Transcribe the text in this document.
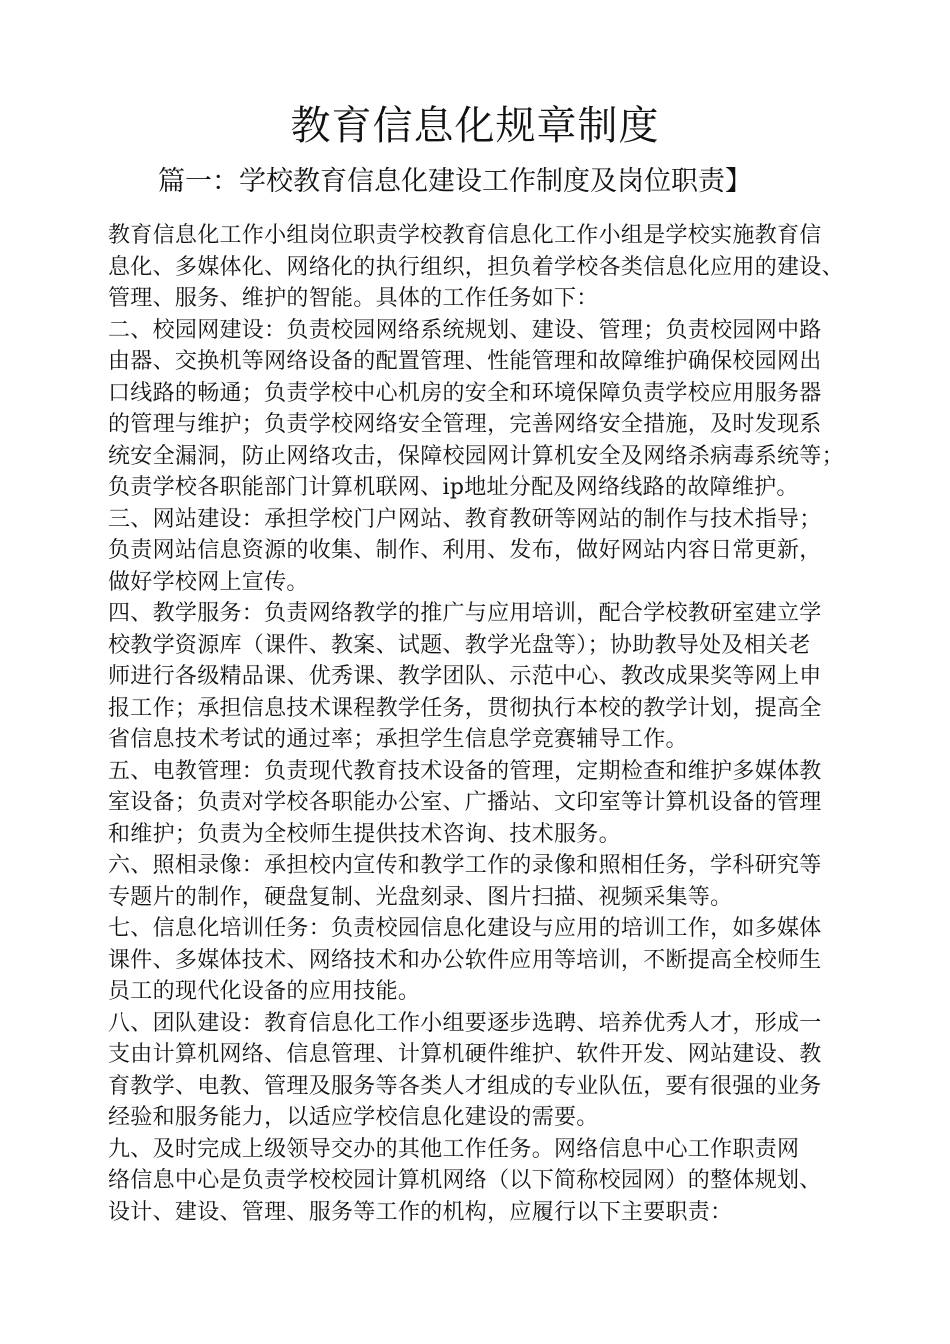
教育信息化规章制度
篇一：学校教育信息化建设工作制度及岗位职责】
教育信息化工作小组岗位职责学校教育信息化工作小组是学校实施教育信
息化、多媒体化、网络化的执行组织，担负着学校各类信息化应用的建设、
管理、服务、维护的智能。具体的工作任务如下：
二、校园网建设：负责校园网络系统规划、建设、管理；负责校园网中路
由器、交换机等网络设备的配置管理、性能管理和故障维护确保校园网出
口线路的畅通；负责学校中心机房的安全和环境保障负责学校应用服务器
的管理与维护；负责学校网络安全管理，完善网络安全措施，及时发现系
统安全漏洞，防止网络攻击，保障校园网计算机安全及网络杀病毒系统等；
负责学校各职能部门计算机联网、ip地址分配及网络线路的故障维护。
三、网站建设：承担学校门户网站、教育教研等网站的制作与技术指导；
负责网站信息资源的收集、制作、利用、发布，做好网站内容日常更新，
做好学校网上宣传。
四、教学服务：负责网络教学的推广与应用培训，配合学校教研室建立学
校教学资源库（课件、教案、试题、教学光盘等）；协助教导处及相关老
师进行各级精品课、优秀课、教学团队、示范中心、教改成果奖等网上申
报工作；承担信息技术课程教学任务，贯彻执行本校的教学计划，提高全
省信息技术考试的通过率；承担学生信息学竞赛辅导工作。
五、电教管理：负责现代教育技术设备的管理，定期检查和维护多媒体教
室设备；负责对学校各职能办公室、广播站、文印室等计算机设备的管理
和维护；负责为全校师生提供技术咨询、技术服务。
六、照相录像：承担校内宣传和教学工作的录像和照相任务，学科研究等
专题片的制作，硬盘复制、光盘刻录、图片扫描、视频采集等。
七、信息化培训任务：负责校园信息化建设与应用的培训工作，如多媒体
课件、多媒体技术、网络技术和办公软件应用等培训，不断提高全校师生
员工的现代化设备的应用技能。
八、团队建设：教育信息化工作小组要逐步选聘、培养优秀人才，形成一
支由计算机网络、信息管理、计算机硬件维护、软件开发、网站建设、教
育教学、电教、管理及服务等各类人才组成的专业队伍，要有很强的业务
经验和服务能力，以适应学校信息化建设的需要。
九、及时完成上级领导交办的其他工作任务。网络信息中心工作职责网
络信息中心是负责学校校园计算机网络（以下简称校园网）的整体规划、
设计、建设、管理、服务等工作的机构，应履行以下主要职责：
